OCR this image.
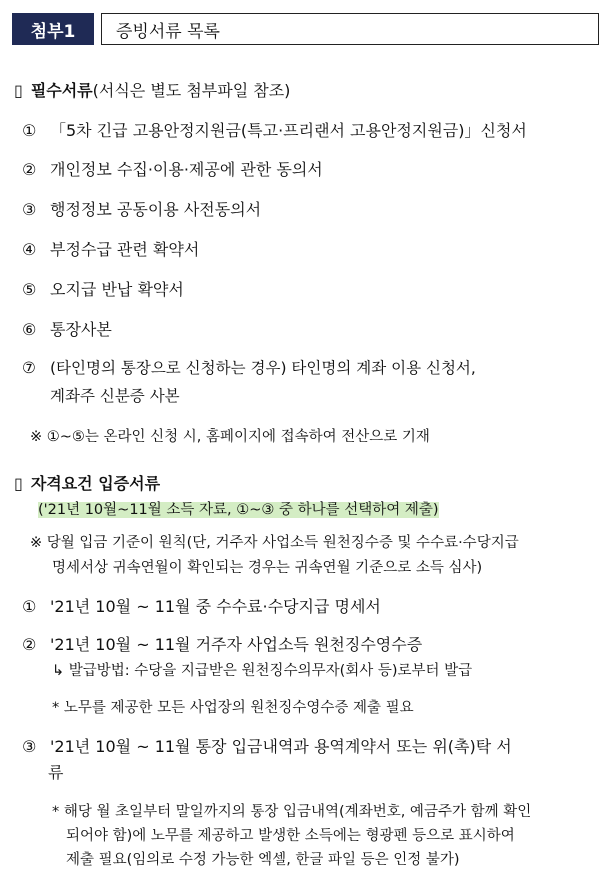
첨부1	증빙서류 목록
▯ 필수서류(서식은 별도 첨부파일 참조)
① 「5차 긴급 고용안정지원금(특고·프리랜서 고용안정지원금)」신청서
② 개인정보 수집·이용·제공에 관한 동의서
③ 행정정보 공동이용 사전동의서
④ 부정수급 관련 확약서
⑤ 오지급 반납 확약서
⑥ 통장사본
⑦ (타인명의 통장으로 신청하는 경우) 타인명의 계좌 이용 신청서,
계좌주 신분증 사본
※ ①~⑤는 온라인 신청 시, 홈페이지에 접속하여 전산으로 기재
▯ 자격요건 입증서류
('21년 10월~11월 소득 자료, ①~③ 중 하나를 선택하여 제출)
※ 당월 입금 기준이 원칙(단, 거주자 사업소득 원천징수증 및 수수료·수당지급
명세서상 귀속연월이 확인되는 경우는 귀속연월 기준으로 소득 심사)
① '21년 10월 ~ 11월 중 수수료·수당지급 명세서
② '21년 10월 ~ 11월 거주자 사업소득 원천징수영수증
↳ 발급방법: 수당을 지급받은 원천징수의무자(회사 등)로부터 발급
* 노무를 제공한 모든 사업장의 원천징수영수증 제출 필요
③ '21년 10월 ~ 11월 통장 입금내역과 용역계약서 또는 위(촉)탁 서
류
* 해당 월 초일부터 말일까지의 통장 입금내역(계좌번호, 예금주가 함께 확인
되어야 함)에 노무를 제공하고 발생한 소득에는 형광펜 등으로 표시하여
제출 필요(임의로 수정 가능한 엑셀, 한글 파일 등은 인정 불가)
